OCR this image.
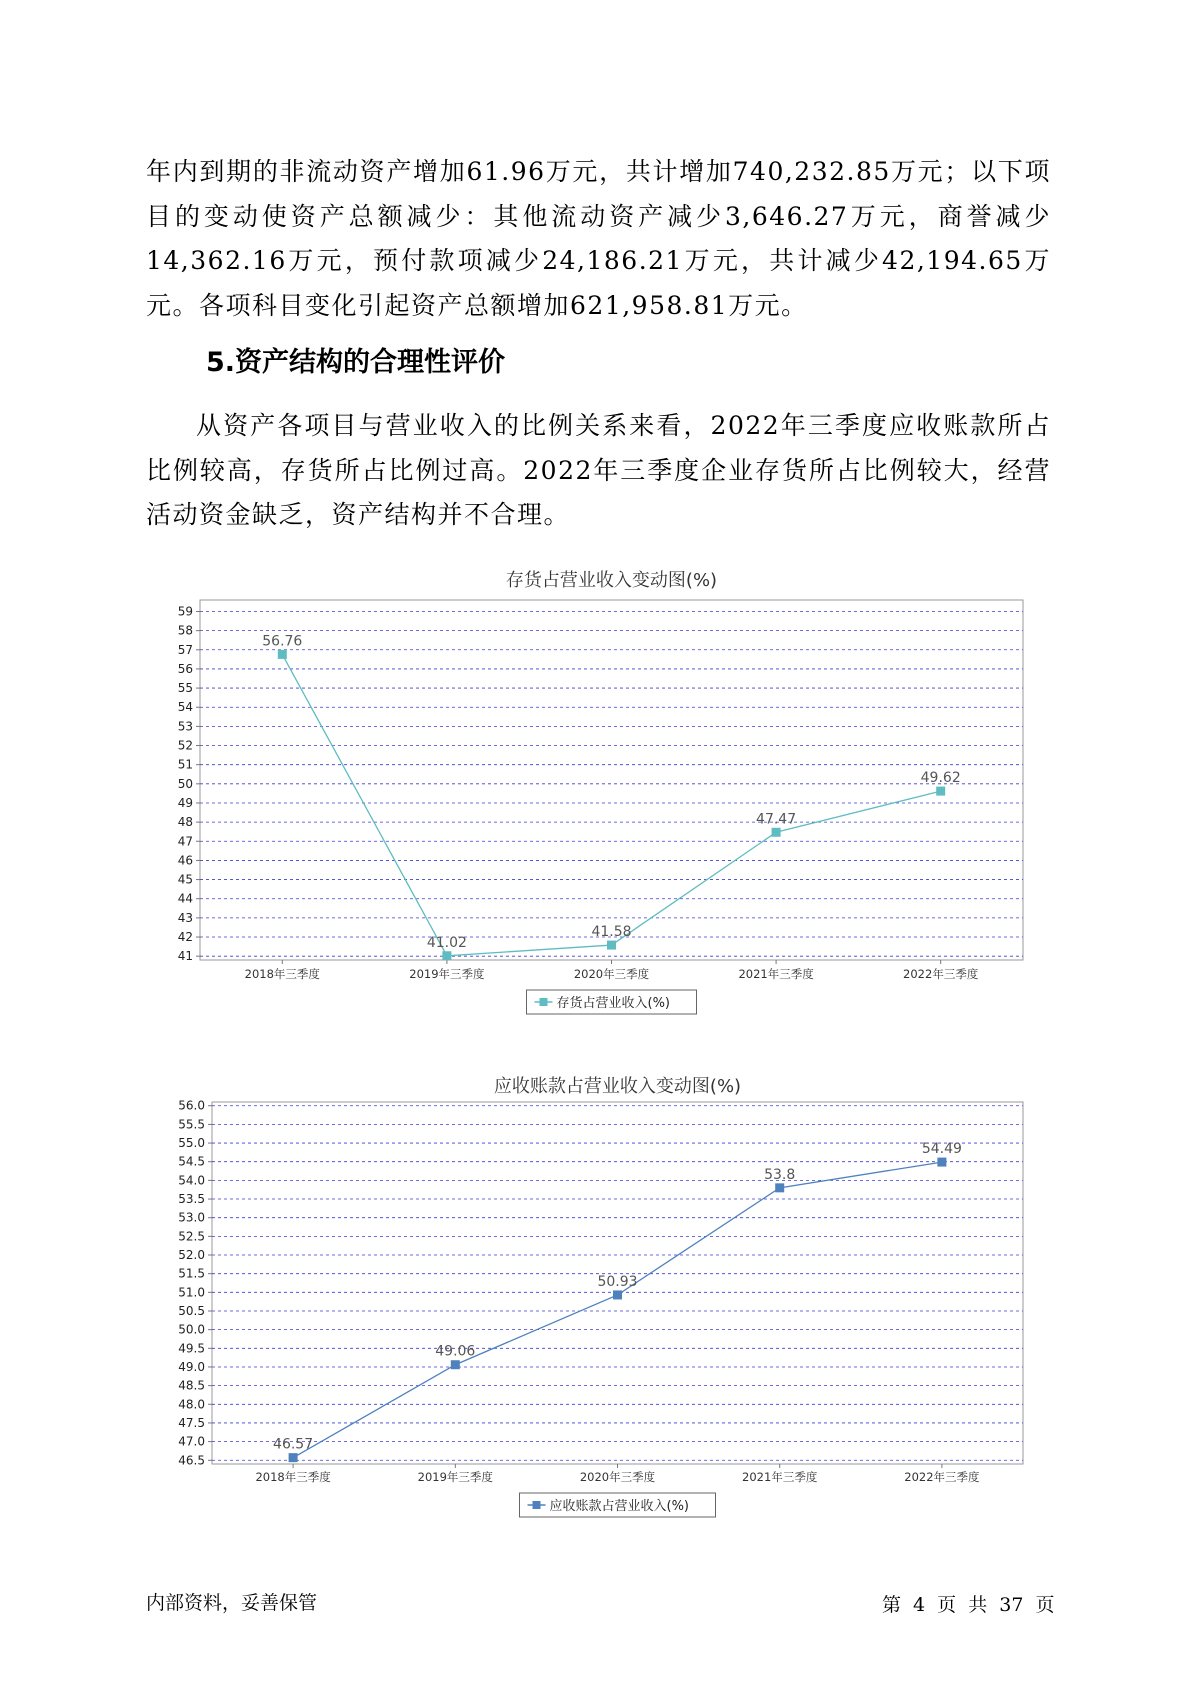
年内到期的非流动资产增加61.96万元，共计增加740,232.85万元；以下项目的变动使资产总额减少：其他流动资产减少3,646.27万元，商誉减少14,362.16万元，预付款项减少24,186.21万元，共计减少42,194.65万元。各项科目变化引起资产总额增加621,958.81万元。

5.资产结构的合理性评价

从资产各项目与营业收入的比例关系来看，2022年三季度应收账款所占比例较高，存货所占比例过高。2022年三季度企业存货所占比例较大，经营活动资金缺乏，资产结构并不合理。

存货占营业收入变动图(%)
41
42
43
44
45
46
47
48
49
50
51
52
53
54
55
56
57
58
59
2018年三季度	2019年三季度	2020年三季度	2021年三季度	2022年三季度
56.76
41.02
41.58
47.47
49.62
存货占营业收入(%)
应收账款占营业收入变动图(%)
46.5
47.0
47.5
48.0
48.5
49.0
49.5
50.0
50.5
51.0
51.5
52.0
52.5
53.0
53.5
54.0
54.5
55.0
55.5
56.0
2018年三季度	2019年三季度	2020年三季度	2021年三季度	2022年三季度
46.57
49.06
50.93
53.8
54.49
应收账款占营业收入(%)
内部资料，妥善保管	第 4 页 共 37 页
